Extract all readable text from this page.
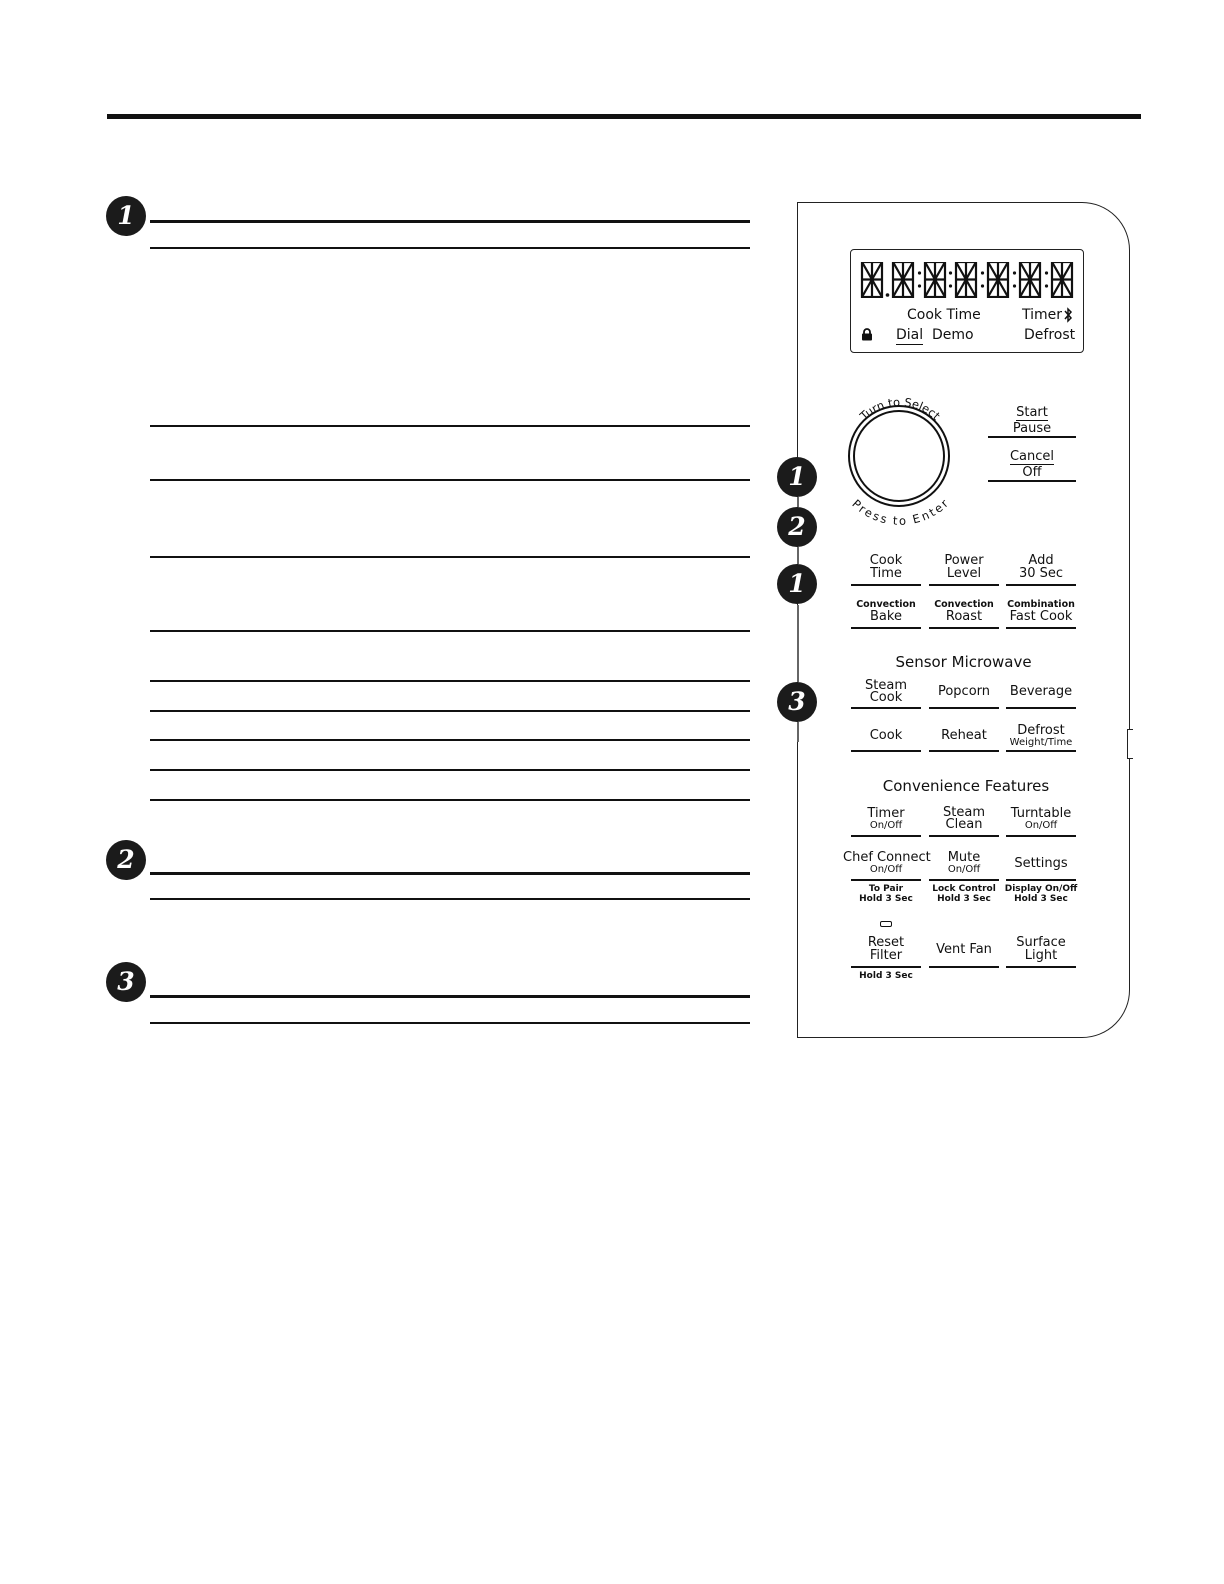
1
2
3
Cook Time	Timer
Dial Demo	Defrost
Turn to Select
Press to Enter
Start
Pause
Cancel
Off
1
2
1
3
Cook
Time
Power
Level
Add
30 Sec
Convection
Bake
Convection
Roast
Combination
Fast Cook
Sensor Microwave
Steam
Cook	Popcorn	Beverage
Cook	Reheat	Defrost
Weight/Time
Convenience Features
Timer
On/Off
Steam
Clean
Turntable
On/Off
Chef Connect
On/Off
Mute
On/Off	Settings
To Pair
Hold 3 Sec
Lock Control
Hold 3 Sec
Display On/Off
Hold 3 Sec
Reset
Filter	Vent Fan	Surface
Light
Hold 3 Sec
